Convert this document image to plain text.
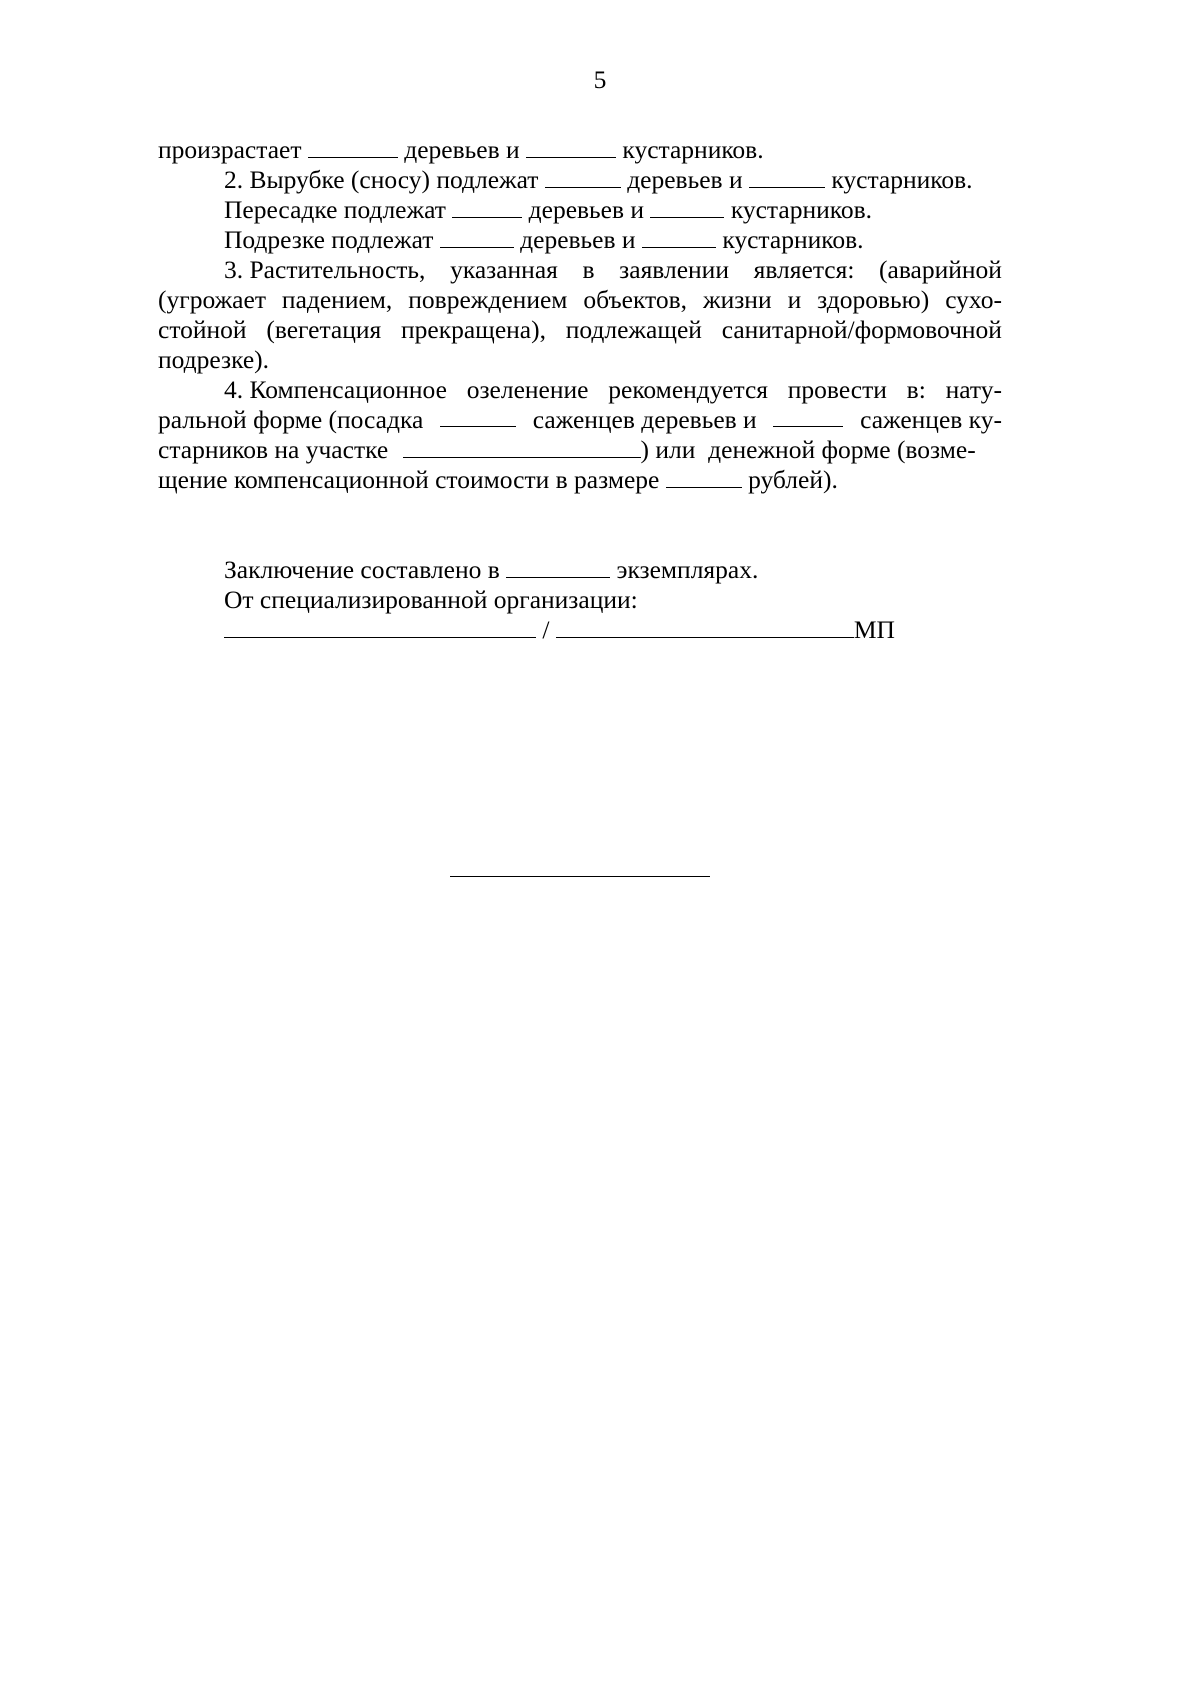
5
произрастает	деревьев и	кустарников.
2. Вырубке (сносу) подлежат	деревьев и	кустарников.
Пересадке подлежат	деревьев и	кустарников.
Подрезке подлежат	деревьев и	кустарников.
3. Растительность, указанная в заявлении является: (аварийной
(угрожает падением, повреждением объектов, жизни и здоровью) сухо-
стойной (вегетация прекращена), подлежащей санитарной/формовочной
подрезке).
4. Компенсационное озеленение рекомендуется провести в: нату-
ральной форме (посадка	саженцев деревьев и	саженцев ку-
старников на участке	) или  денежной форме (возме-
щение компенсационной стоимости в размере	рублей).
Заключение составлено в	экземплярах.
От специализированной организации:
/	МП
